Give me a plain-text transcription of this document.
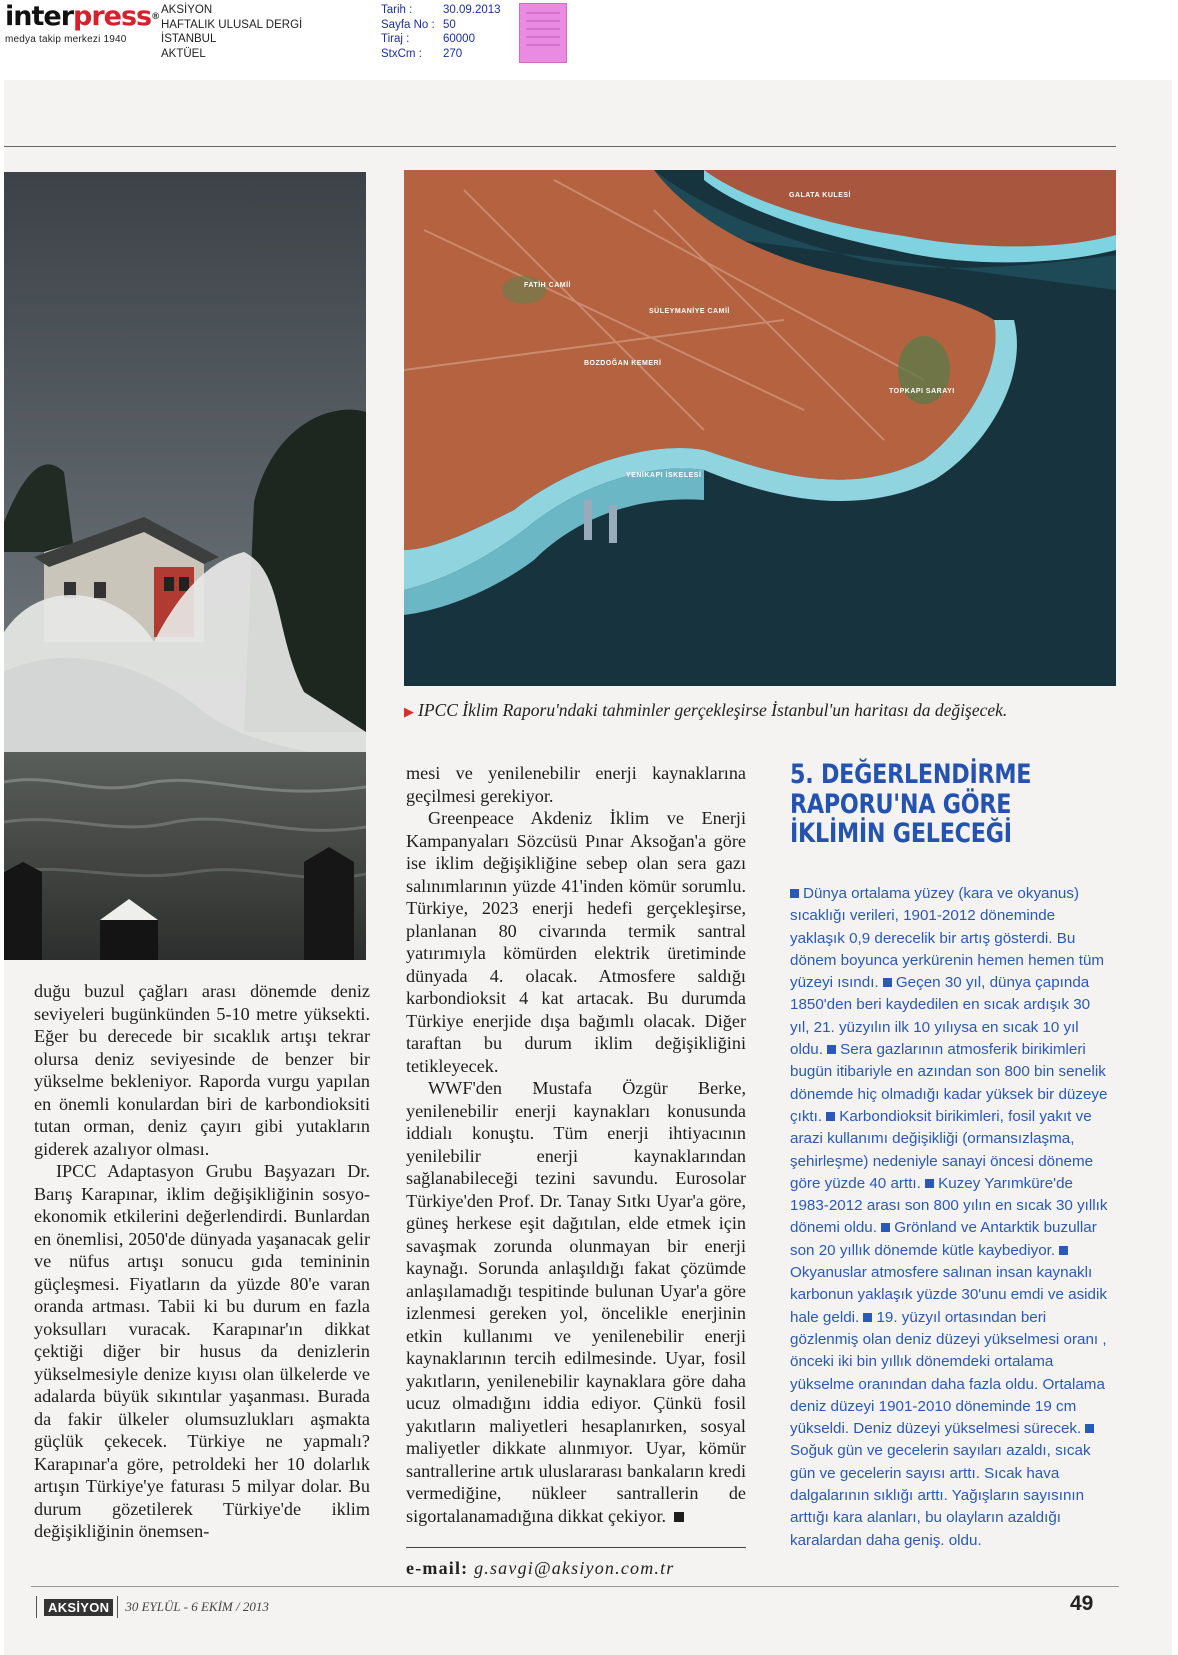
interpress®
medya takip merkezi 1940
AKSİYON
HAFTALIK ULUSAL DERGİ
İSTANBUL
AKTÜEL
Tarih :	30.09.2013
Sayfa No : 50
Tiraj :	60000
StxCm :	270
FATİH CAMİİ
SÜLEYMANİYE CAMİİ
BOZDOĞAN KEMERİ
YENİKAPI İSKELESİ
TOPKAPI SARAYI
GALATA KULESİ
▶ IPCC İklim Raporu'ndaki tahminler gerçekleşirse İstanbul'un haritası da değişecek.

duğu buzul çağları arası dönemde deniz seviyeleri bugünkünden 5-10 metre yüksekti. Eğer bu derecede bir sıcaklık artışı tekrar olursa deniz seviyesinde de benzer bir yükselme bekleniyor. Raporda vurgu yapılan en önemli konulardan biri de karbondioksiti tutan orman, deniz çayırı gibi yutakların giderek azalıyor olması.

IPCC Adaptasyon Grubu Başyazarı Dr. Barış Karapınar, iklim değişikliğinin sosyo-ekonomik etkilerini değerlendirdi. Bunlardan en önemlisi, 2050'de dünyada yaşanacak gelir ve nüfus artışı sonucu gıda temininin güçleşmesi. Fiyatların da yüzde 80'e varan oranda artması. Tabii ki bu durum en fazla yoksulları vuracak. Karapınar'ın dikkat çektiği diğer bir husus da denizlerin yükselmesiyle denize kıyısı olan ülkelerde ve adalarda büyük sıkıntılar yaşanması. Burada da fakir ülkeler olumsuzlukları aşmakta güçlük çekecek. Türkiye ne yapmalı? Karapınar'a göre, petroldeki her 10 dolarlık artışın Türkiye'ye faturası 5 milyar dolar. Bu durum gözetilerek Türkiye'de iklim değişikliğinin önemsen-

mesi ve yenilenebilir enerji kaynaklarına geçilmesi gerekiyor.

Greenpeace Akdeniz İklim ve Enerji Kampanyaları Sözcüsü Pınar Aksoğan'a göre ise iklim değişikliğine sebep olan sera gazı salınımlarının yüzde 41'inden kömür sorumlu. Türkiye, 2023 enerji hedefi gerçekleşirse, planlanan 80 civarında termik santral yatırımıyla kömürden elektrik üretiminde dünyada 4. olacak. Atmosfere saldığı karbondioksit 4 kat artacak. Bu durumda Türkiye enerjide dışa bağımlı olacak. Diğer taraftan bu durum iklim değişikliğini tetikleyecek.

WWF'den Mustafa Özgür Berke, yenilenebilir enerji kaynakları konusunda iddialı konuştu. Tüm enerji ihtiyacının yenilebilir enerji kaynaklarından sağlanabileceği tezini savundu. Eurosolar Türkiye'den Prof. Dr. Tanay Sıtkı Uyar'a göre, güneş herkese eşit dağıtılan, elde etmek için savaşmak zorunda olunmayan bir enerji kaynağı. Sorunda anlaşıldığı fakat çözümde anlaşılamadığı tespitinde bulunan Uyar'a göre izlenmesi gereken yol, öncelikle enerjinin etkin kullanımı ve yenilenebilir enerji kaynaklarının tercih edilmesinde. Uyar, fosil yakıtların, yenilenebilir kaynaklara göre daha ucuz olmadığını iddia ediyor. Çünkü fosil yakıtların maliyetleri hesaplanırken, sosyal maliyetler dikkate alınmıyor. Uyar, kömür santrallerine artık uluslararası bankaların kredi vermediğine, nükleer santrallerin de sigortalanamadığına dikkat çekiyor.

e-mail: g.savgi@aksiyon.com.tr
5. DEĞERLENDİRME RAPORU'NA GÖRE İKLİMİN GELECEĞİ
Dünya ortalama yüzey (kara ve okyanus) sıcaklığı verileri, 1901-2012 döneminde yaklaşık 0,9 derecelik bir artış gösterdi. Bu dönem boyunca yerkürenin hemen hemen tüm yüzeyi ısındı. Geçen 30 yıl, dünya çapında 1850'den beri kaydedilen en sıcak ardışık 30 yıl, 21. yüzyılın ilk 10 yılıysa en sıcak 10 yıl oldu. Sera gazlarının atmosferik birikimleri bugün itibariyle en azından son 800 bin senelik dönemde hiç olmadığı kadar yüksek bir düzeye çıktı. Karbondioksit birikimleri, fosil yakıt ve arazi kullanımı değişikliği (ormansızlaşma, şehirleşme) nedeniyle sanayi öncesi döneme göre yüzde 40 arttı. Kuzey Yarımküre'de 1983-2012 arası son 800 yılın en sıcak 30 yıllık dönemi oldu. Grönland ve Antarktik buzullar son 20 yıllık dönemde kütle kaybediyor. Okyanuslar atmosfere salınan insan kaynaklı karbonun yaklaşık yüzde 30'unu emdi ve asidik hale geldi. 19. yüzyıl ortasından beri gözlenmiş olan deniz düzeyi yükselmesi oranı , önceki iki bin yıllık dönemdeki ortalama yükselme oranından daha fazla oldu. Ortalama deniz düzeyi 1901-2010 döneminde 19 cm yükseldi. Deniz düzeyi yükselmesi sürecek. Soğuk gün ve gecelerin sayıları azaldı, sıcak gün ve gecelerin sayısı arttı. Sıcak hava dalgalarının sıklığı arttı. Yağışların sayısının arttığı kara alanları, bu olayların azaldığı karalardan daha geniş. oldu.
AKSİYON	30 EYLÜL - 6 EKİM / 2013	49
